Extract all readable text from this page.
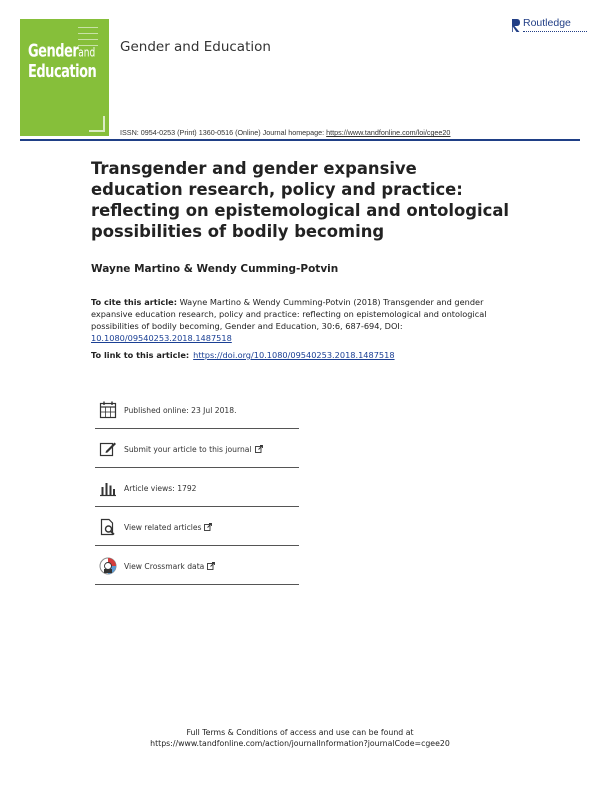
Genderand
Education
Gender and Education
Routledge
ISSN: 0954-0253 (Print) 1360-0516 (Online) Journal homepage: https://www.tandfonline.com/loi/cgee20
Transgender and gender expansive education research, policy and practice: reflecting on epistemological and ontological possibilities of bodily becoming
Wayne Martino & Wendy Cumming-Potvin
To cite this article: Wayne Martino & Wendy Cumming-Potvin (2018) Transgender and gender expansive education research, policy and practice: reflecting on epistemological and ontological possibilities of bodily becoming, Gender and Education, 30:6, 687-694, DOI: 10.1080/09540253.2018.1487518
To link to this article: https://doi.org/10.1080/09540253.2018.1487518
Published online: 23 Jul 2018.
Submit your article to this journal
Article views: 1792
View related articles
View Crossmark data
Full Terms & Conditions of access and use can be found at
https://www.tandfonline.com/action/journalInformation?journalCode=cgee20
